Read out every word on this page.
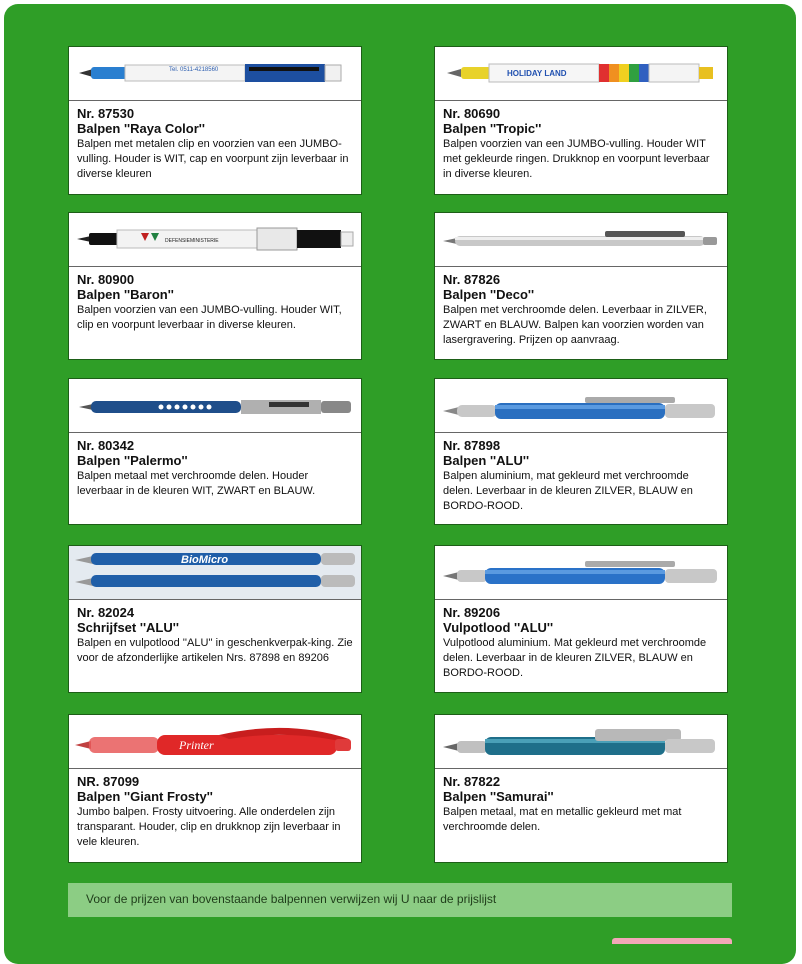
Tel. 0511-4218560
Nr. 87530
Balpen ''Raya Color''
Balpen met metalen clip en voorzien van een JUMBO-vulling. Houder is WIT, cap en voorpunt zijn leverbaar in diverse kleuren
HOLIDAY LAND
Nr. 80690
Balpen ''Tropic''
Balpen voorzien van een JUMBO-vulling. Houder WIT met gekleurde ringen. Drukknop en voorpunt leverbaar in diverse kleuren.
DEFENSIEMINISTERIE
Nr. 80900
Balpen ''Baron''
Balpen voorzien van een JUMBO-vulling. Houder WIT, clip en voorpunt leverbaar in diverse kleuren.
Nr. 87826
Balpen ''Deco''
Balpen met verchroomde delen. Leverbaar in ZILVER, ZWART en BLAUW. Balpen kan voorzien worden van lasergravering. Prijzen op aanvraag.
Nr. 80342
Balpen ''Palermo''
Balpen metaal met verchroomde delen. Houder leverbaar in de kleuren WIT, ZWART en BLAUW.
Nr. 87898
Balpen ''ALU''
Balpen aluminium, mat gekleurd met verchroomde delen. Leverbaar in de kleuren ZILVER, BLAUW en BORDO-ROOD.
BioMicro
Nr. 82024
Schrijfset ''ALU''
Balpen en vulpotlood ''ALU'' in geschenkverpak-king. Zie voor de afzonderlijke artikelen Nrs. 87898 en 89206
Nr. 89206
Vulpotlood ''ALU''
Vulpotlood aluminium. Mat gekleurd met verchroomde delen. Leverbaar in de kleuren ZILVER, BLAUW en BORDO-ROOD.
Printer
NR. 87099
Balpen ''Giant Frosty''
Jumbo balpen. Frosty uitvoering. Alle onderdelen zijn transparant. Houder, clip en drukknop zijn leverbaar in vele kleuren.
National
Nr. 87822
Balpen ''Samurai''
Balpen metaal, mat en metallic gekleurd met mat verchroomde delen.
Voor de prijzen van bovenstaande balpennen verwijzen wij U naar de prijslijst
